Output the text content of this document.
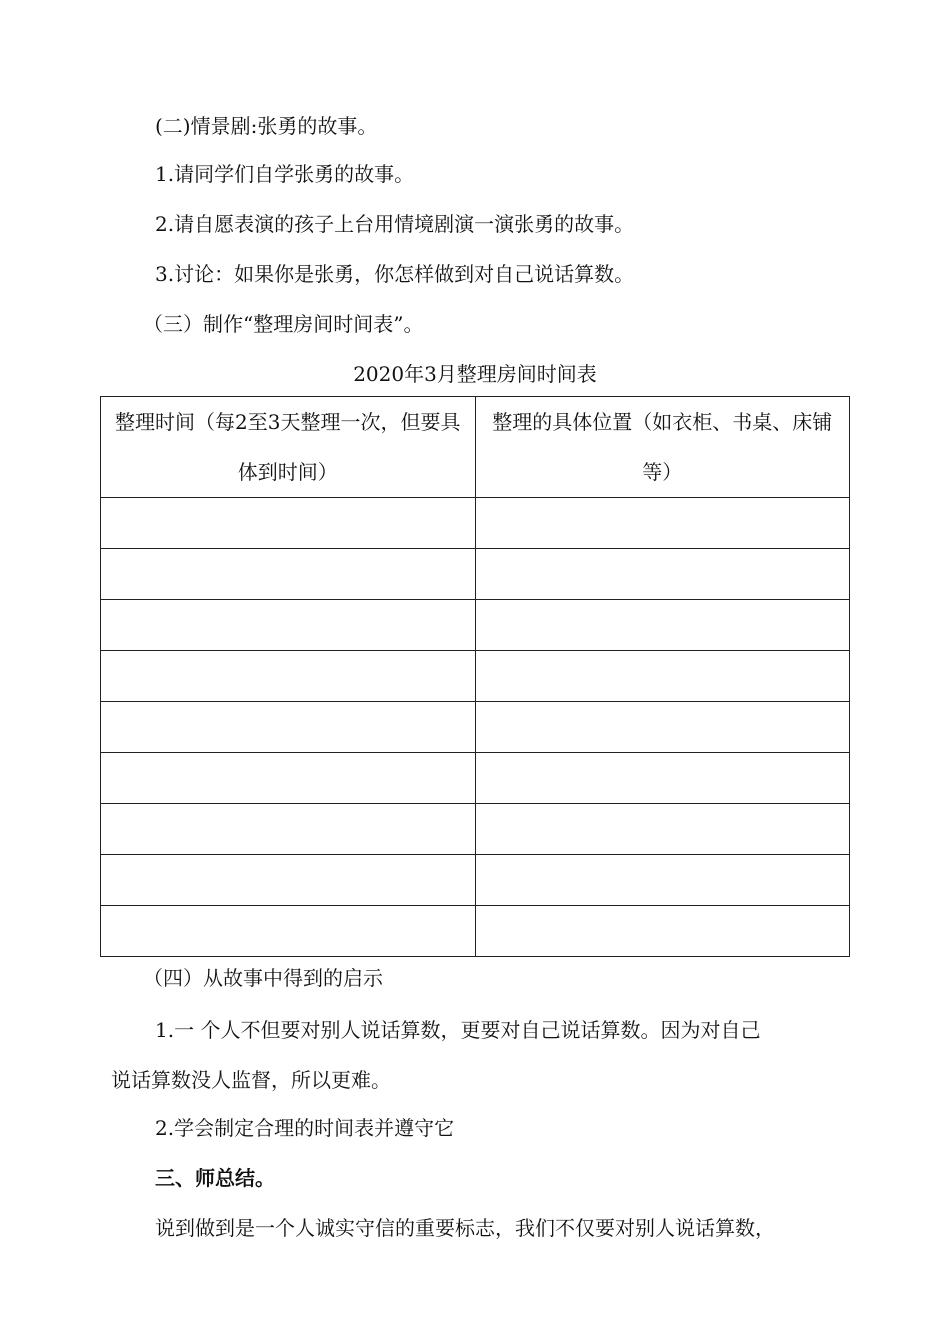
(二)情景剧:张勇的故事。
1.请同学们自学张勇的故事。
2.请自愿表演的孩子上台用情境剧演一演张勇的故事。
3.讨论：如果你是张勇，你怎样做到对自己说话算数。
（三）制作“整理房间时间表”。
2020年3月整理房间时间表
整理时间（每2至3天整理一次，但要具体到时间）	整理的具体位置（如衣柜、书桌、床铺等）

（四）从故事中得到的启示
1.一 个人不但要对别人说话算数，更要对自己说话算数。因为对自己
说话算数没人监督，所以更难。
2.学会制定合理的时间表并遵守它
三、师总结。
说到做到是一个人诚实守信的重要标志，我们不仅要对别人说话算数，
